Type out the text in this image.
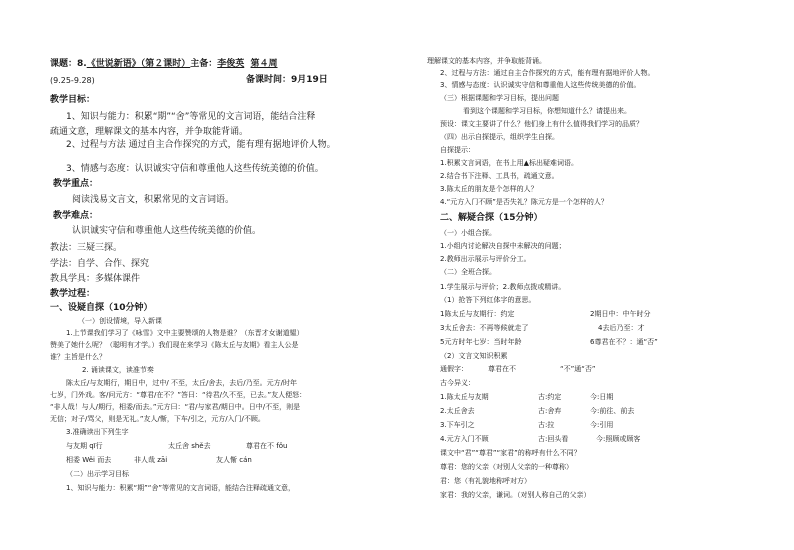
课题：8.《世说新语》（第２课时）主备：李俊英 第４周
(9.25-9.28)	备课时间：9月19日
教学目标：
1、知识与能力：积累“期”“舍”等常见的文言词语，能结合注释
疏通文意，理解课文的基本内容，并争取能背诵。
2、过程与方法 通过自主合作探究的方式，能有理有据地评价人物。
3、情感与态度：认识诚实守信和尊重他人这些传统美德的价值。
教学重点：
阅读浅易文言文，积累常见的文言词语。
教学难点：
认识诚实守信和尊重他人这些传统美德的价值。
教法：三疑三探。
学法：自学、合作、探究
教具学具：多媒体课件
教学过程：
一、设疑自探（10分钟）
（一）创设情境，导入新课
1.上节课我们学习了《咏雪》文中主要赞颂的人物是谁？（东晋才女谢道韫）
赞美了她什么呢？（聪明有才学。）我们现在来学习《陈太丘与友期》看主人公是
谁？主旨是什么？
2. 诵读课文，读准节奏
陈太丘/与友期行，期日中，过中/ 不至，太丘/舍去，去后/乃至。元方/时年
七岁，门外戏。客/问元方：“尊君/在不？”答曰：“待君/久不至，已去。”友人便怒：
“非人哉！与人/期行，相委/而去。”元方曰：“君/与家君/期日中。日中/不至，则是
无信；对子/骂父，则是无礼。”友人/惭，下车/引之，元方/入门/不顾。
3.准确读出下列生字
与友期 qī行	太丘舍 shě去	尊君在不 fǒu
相委 Wěi 而去	非人哉 zāi	友人惭 cán
（二）出示学习目标
1、知识与能力：积累“期”“舍”等常见的文言词语，能结合注释疏通文意，
理解课文的基本内容，并争取能背诵。
2、过程与方法：通过自主合作探究的方式，能有理有据地评价人物。
3、情感与态度：认识诚实守信和尊重他人这些传统美德的价值。
（三）根据课题和学习目标，提出问题
看到这个课题和学习目标，你想知道什么？请提出来。
预设：课文主要讲了什么？他们身上有什么值得我们学习的品质？
（四）出示自探提示，组织学生自探。
自探提示：
1.积累文言词语，在书上用▲标出疑难词语。
2.结合书下注释、工具书，疏通文意。
3.陈太丘的朋友是个怎样的人？
4.“元方入门不顾”是否失礼？陈元方是一个怎样的人？
二、解疑合探（15分钟）
（一）小组合探。
1.小组内讨论解决自探中未解决的问题；
2.教师出示展示与评价分工。
（二）全班合探。
1.学生展示与评价；2.教师点拨或精讲。
（1）抢答下列红体字的意思。
1陈太丘与友期行：约定	2期日中：中午时分
3太丘舍去：不再等候就走了	4去后乃至：才
5元方时年七岁：当时年龄	6尊君在不？：通“否”
（2）文言文知识积累
通假字：	尊君在不	“不”通“否”
古今异义：
1.陈太丘与友期	古:约定	今:日期
2.太丘舍去	古:舍弃	今:前往、前去
3.下车引之	古:拉	今:引用
4.元方入门不顾	古:回头看	今:照顾或顾客
课文中“君”“尊君”“家君”的称呼有什么不同？
尊君：您的父亲（对别人父亲的一种尊称）
君：您（有礼貌地称呼对方）
家君：我的父亲，谦词。（对别人称自己的父亲）
